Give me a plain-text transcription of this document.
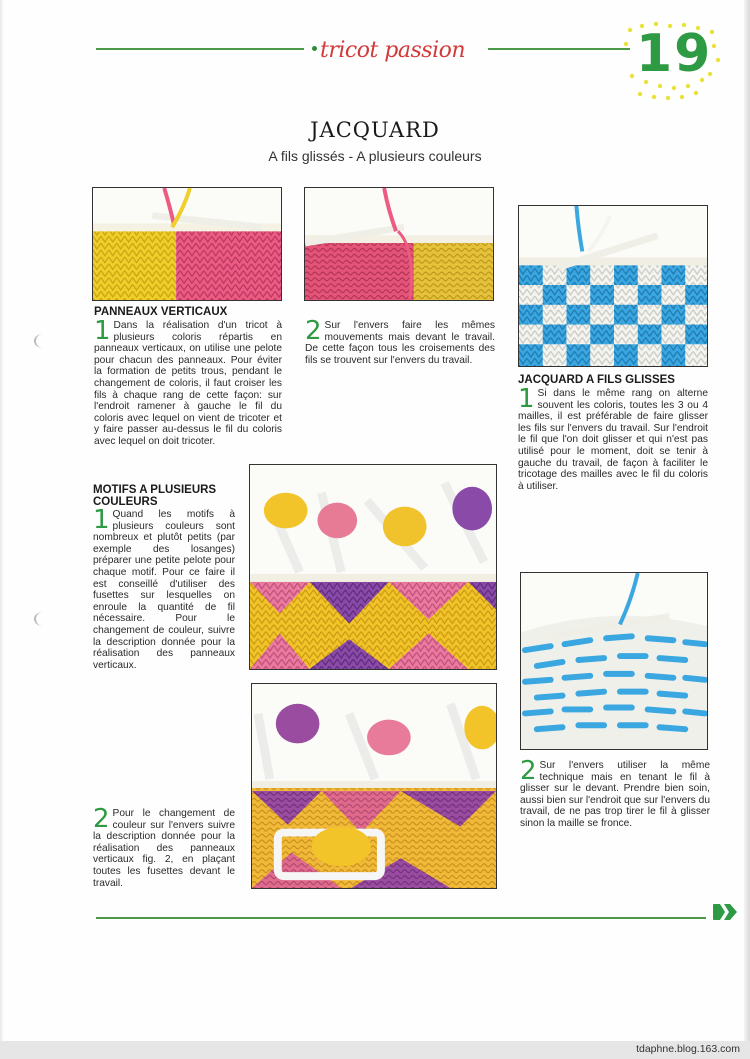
tricot passion	19
JACQUARD
A fils glissés - A plusieurs couleurs
PANNEAUX VERTICAUX
1 Dans la réalisation d'un tricot à plusieurs coloris répartis en panneaux verticaux, on utilise une pelote pour chacun des panneaux. Pour éviter la formation de petits trous, pendant le changement de coloris, il faut croiser les fils à chaque rang de cette façon: sur l'endroit ramener à gauche le fil du coloris avec lequel on vient de tricoter et y faire passer au-dessus le fil du coloris avec lequel on doit tricoter.
2 Sur l'envers faire les mêmes mouvements mais devant le travail. De cette façon tous les croisements des fils se trouvent sur l'envers du travail.
JACQUARD A FILS GLISSES
1 Si dans le même rang on alterne souvent les coloris, toutes les 3 ou 4 mailles, il est préférable de faire glisser les fils sur l'envers du travail. Sur l'endroit le fil que l'on doit glisser et qui n'est pas utilisé pour le moment, doit se tenir à gauche du travail, de façon à faciliter le tricotage des mailles avec le fil du coloris à utiliser.
2 Sur l'envers utiliser la même technique mais en tenant le fil à glisser sur le devant. Prendre bien soin, aussi bien sur l'endroit que sur l'envers du travail, de ne pas trop tirer le fil à glisser sinon la maille se fronce.
MOTIFS A PLUSIEURS COULEURS
1 Quand les motifs à plusieurs couleurs sont nombreux et plutôt petits (par exemple des losanges) préparer une petite pelote pour chaque motif. Pour ce faire il est conseillé d'utiliser des fusettes sur lesquelles on enroule la quantité de fil nécessaire. Pour le changement de couleur, suivre la description donnée pour la réalisation des panneaux verticaux.
2 Pour le changement de couleur sur l'envers suivre la description donnée pour la réalisation des panneaux verticaux fig. 2, en plaçant toutes les fusettes devant le travail.
tdaphne.blog.163.com
